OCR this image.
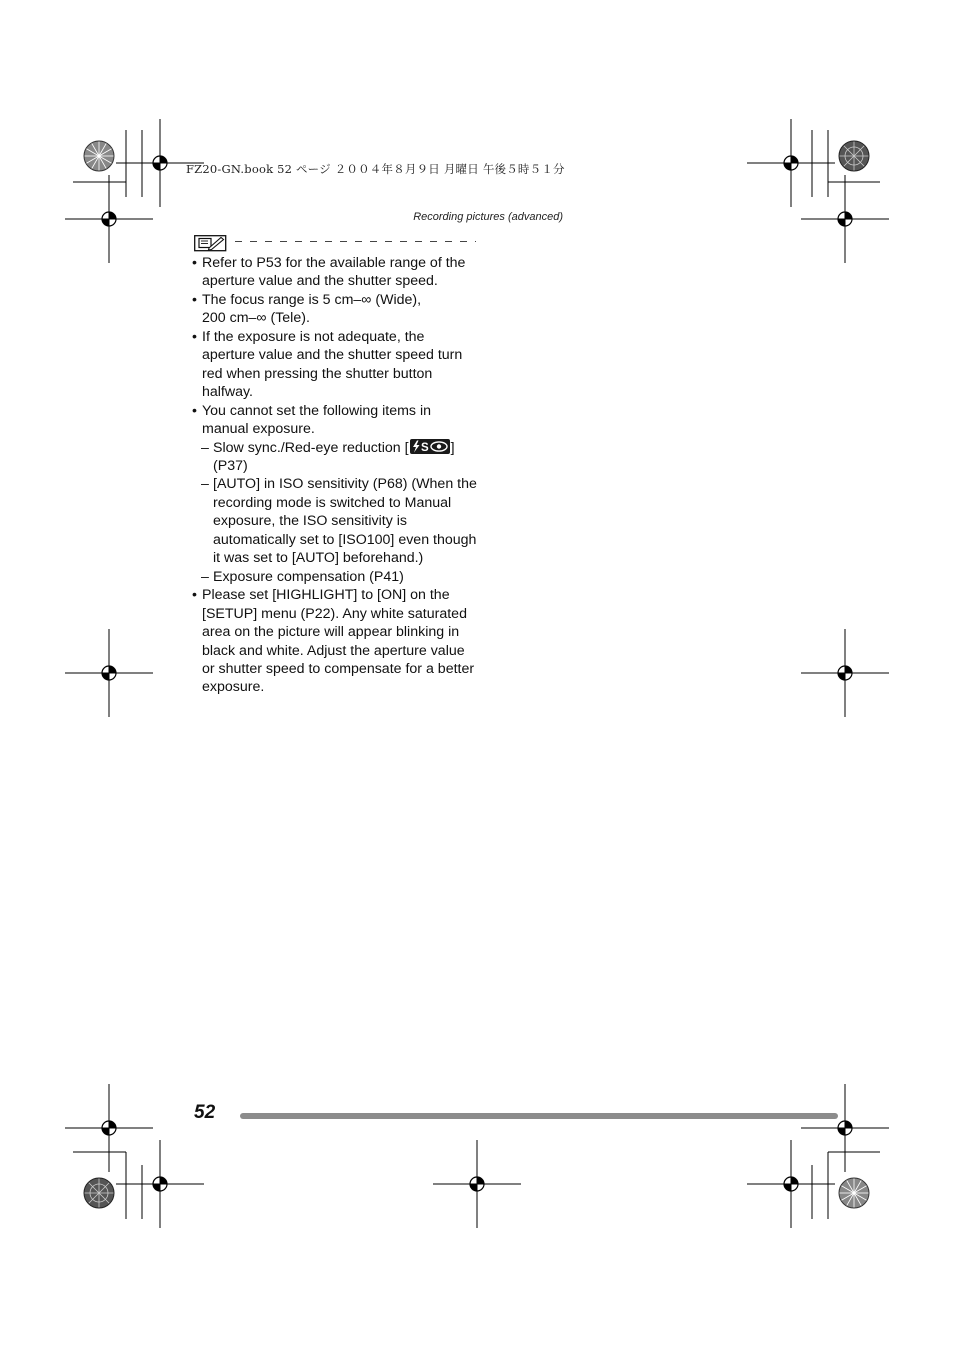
FZ20-GN.book 52 ページ ２００４年８月９日 月曜日 午後５時５１分
Recording pictures (advanced)
• Refer to P53 for the available range of the aperture value and the shutter speed.
• The focus range is 5 cm–∞ (Wide),
200 cm–∞ (Tele).
• If the exposure is not adequate, the aperture value and the shutter speed turn red when pressing the shutter button halfway.
• You cannot set the following items in manual exposure.
– Slow sync./Red-eye reduction [ S ]
(P37)
– [AUTO] in ISO sensitivity (P68) (When the recording mode is switched to Manual exposure, the ISO sensitivity is automatically set to [ISO100] even though it was set to [AUTO] beforehand.)
– Exposure compensation (P41)
• Please set [HIGHLIGHT] to [ON] on the [SETUP] menu (P22). Any white saturated area on the picture will appear blinking in black and white. Adjust the aperture value or shutter speed to compensate for a better exposure.
52
